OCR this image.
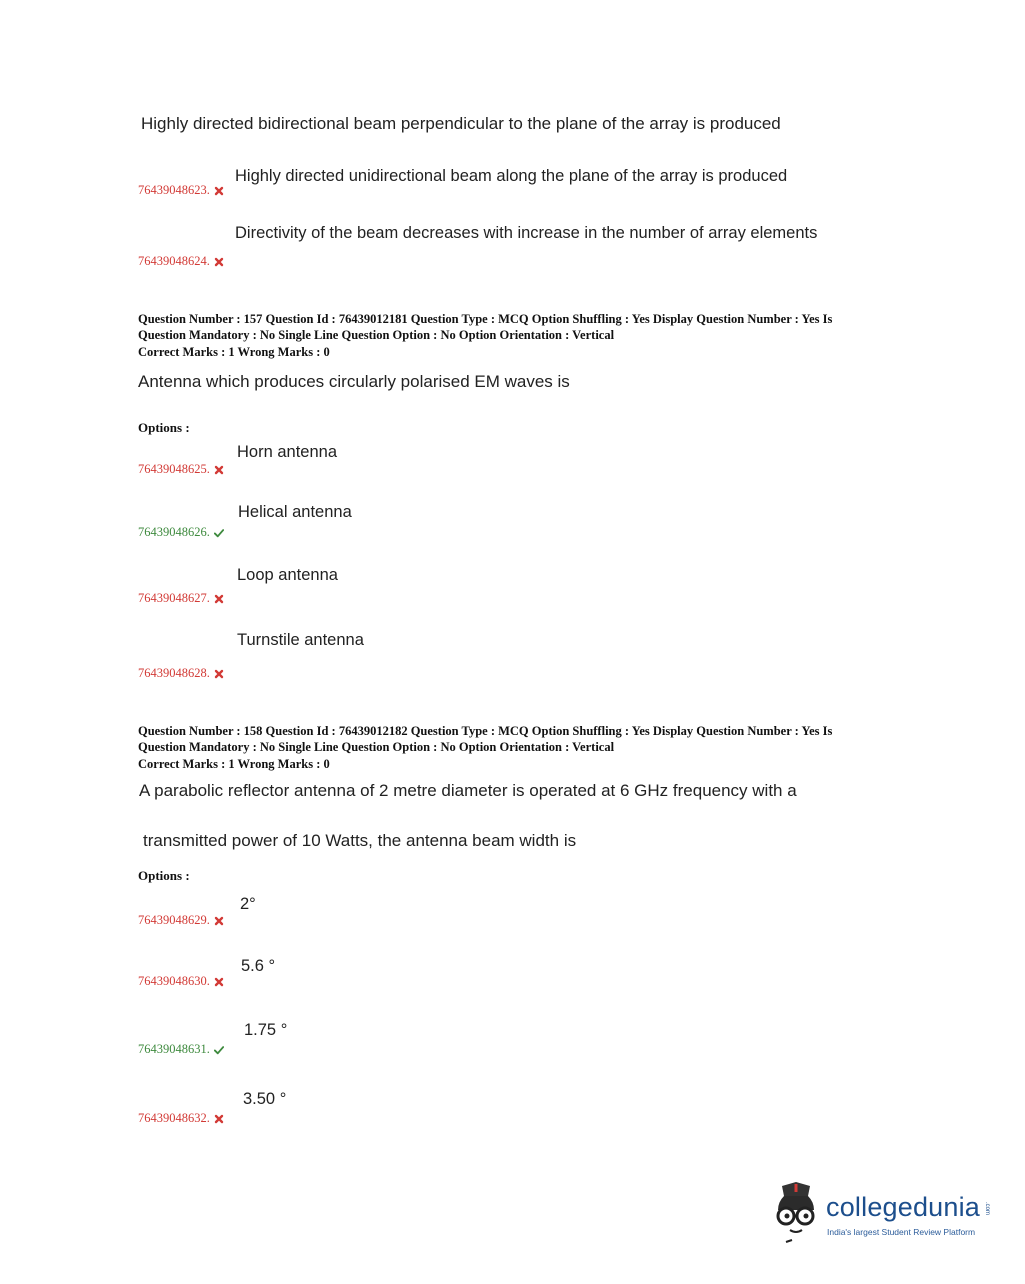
Highly directed bidirectional beam perpendicular to the plane of the array is produced
Highly directed unidirectional beam along the plane of the array is produced
76439048623.
Directivity of the beam decreases with increase in the number of array elements
76439048624.
Question Number : 157 Question Id : 76439012181 Question Type : MCQ Option Shuffling : Yes Display Question Number : Yes Is
Question Mandatory : No Single Line Question Option : No Option Orientation : Vertical
Correct Marks : 1 Wrong Marks : 0
Antenna which produces circularly polarised EM waves is
Options :
Horn antenna
76439048625.
Helical antenna
76439048626.
Loop antenna
76439048627.
Turnstile antenna
76439048628.
Question Number : 158 Question Id : 76439012182 Question Type : MCQ Option Shuffling : Yes Display Question Number : Yes Is
Question Mandatory : No Single Line Question Option : No Option Orientation : Vertical
Correct Marks : 1 Wrong Marks : 0
A parabolic reflector antenna of 2 metre diameter is operated at 6 GHz frequency with a
transmitted power of 10 Watts, the antenna beam width is
Options :
2°
76439048629.
5.6 °
76439048630.
1.75 °
76439048631.
3.50 °
76439048632.
collegedunia .com
India's largest Student Review Platform
